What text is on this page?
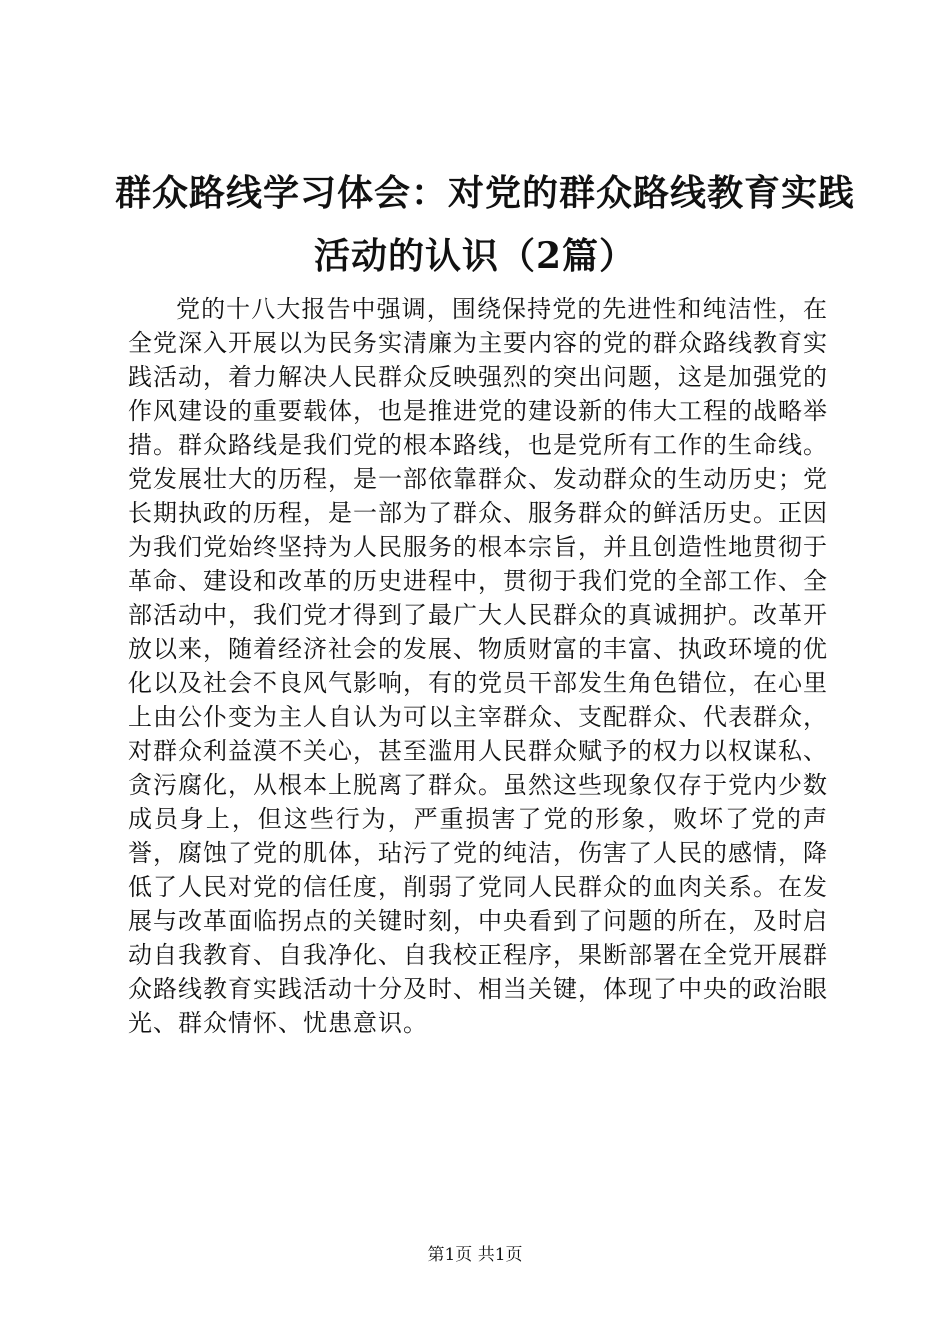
群众路线学习体会：对党的群众路线教育实践
活动的认识（2篇）

党的十八大报告中强调，围绕保持党的先进性和纯洁性，在全党深入开展以为民务实清廉为主要内容的党的群众路线教育实践活动，着力解决人民群众反映强烈的突出问题，这是加强党的作风建设的重要载体，也是推进党的建设新的伟大工程的战略举措。群众路线是我们党的根本路线，也是党所有工作的生命线。党发展壮大的历程，是一部依靠群众、发动群众的生动历史；党长期执政的历程，是一部为了群众、服务群众的鲜活历史。正因为我们党始终坚持为人民服务的根本宗旨，并且创造性地贯彻于革命、建设和改革的历史进程中，贯彻于我们党的全部工作、全部活动中，我们党才得到了最广大人民群众的真诚拥护。改革开放以来，随着经济社会的发展、物质财富的丰富、执政环境的优化以及社会不良风气影响，有的党员干部发生角色错位，在心里上由公仆变为主人自认为可以主宰群众、支配群众、代表群众，对群众利益漠不关心，甚至滥用人民群众赋予的权力以权谋私、贪污腐化，从根本上脱离了群众。虽然这些现象仅存于党内少数成员身上，但这些行为，严重损害了党的形象，败坏了党的声誉，腐蚀了党的肌体，玷污了党的纯洁，伤害了人民的感情，降低了人民对党的信任度，削弱了党同人民群众的血肉关系。在发展与改革面临拐点的关键时刻，中央看到了问题的所在，及时启动自我教育、自我净化、自我校正程序，果断部署在全党开展群众路线教育实践活动十分及时、相当关键，体现了中央的政治眼光、群众情怀、忧患意识。

第1页 共1页
